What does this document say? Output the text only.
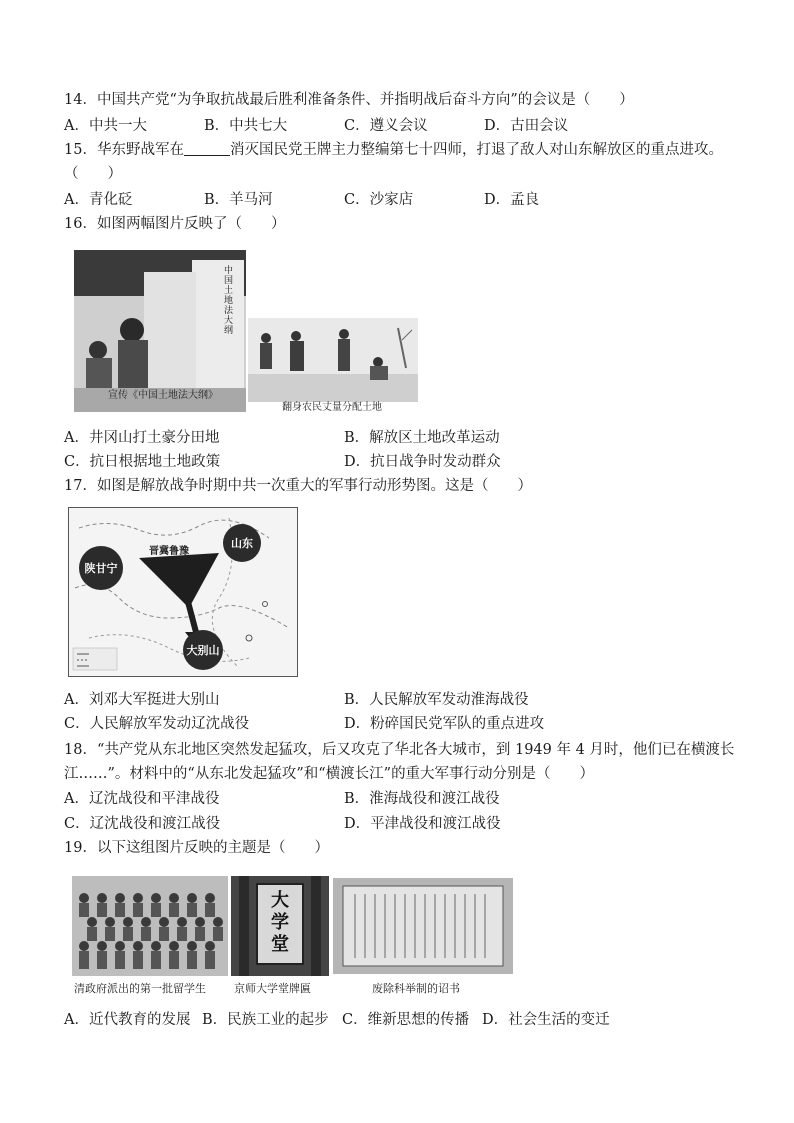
14．中国共产党“为争取抗战最后胜利准备条件、并指明战后奋斗方向”的会议是（　　）
A．中共一大	B．中共七大	C．遵义会议	D．古田会议
15．华东野战军在	消灭国民党王牌主力整编第七十四师，打退了敌人对山东解放区的重点进攻。
（　　）
A．青化砭	B．羊马河	C．沙家店	D．孟良
16．如图两幅图片反映了（　　）
中国土地法大纲
宣传《中国土地法大纲》
翻身农民丈量分配土地
A．井冈山打土豪分田地	B．解放区土地改革运动
C．抗日根据地土地政策	D．抗日战争时发动群众
17．如图是解放战争时期中共一次重大的军事行动形势图。这是（　　）
陕甘宁
山东
大别山
晋冀鲁豫
A．刘邓大军挺进大别山	B．人民解放军发动淮海战役
C．人民解放军发动辽沈战役	D．粉碎国民党军队的重点进攻
18．“共产党从东北地区突然发起猛攻，后又攻克了华北各大城市，到 1949 年 4 月时，他们已在横渡长
江……”。材料中的“从东北发起猛攻”和“横渡长江”的重大军事行动分别是（　　）
A．辽沈战役和平津战役	B．淮海战役和渡江战役
C．辽沈战役和渡江战役	D．平津战役和渡江战役
19．以下这组图片反映的主题是（　　）
清政府派出的第一批留学生
大学堂
京师大学堂牌匾	废除科举制的诏书
A．近代教育的发展 B．民族工业的起步 C．维新思想的传播 D．社会生活的变迁
